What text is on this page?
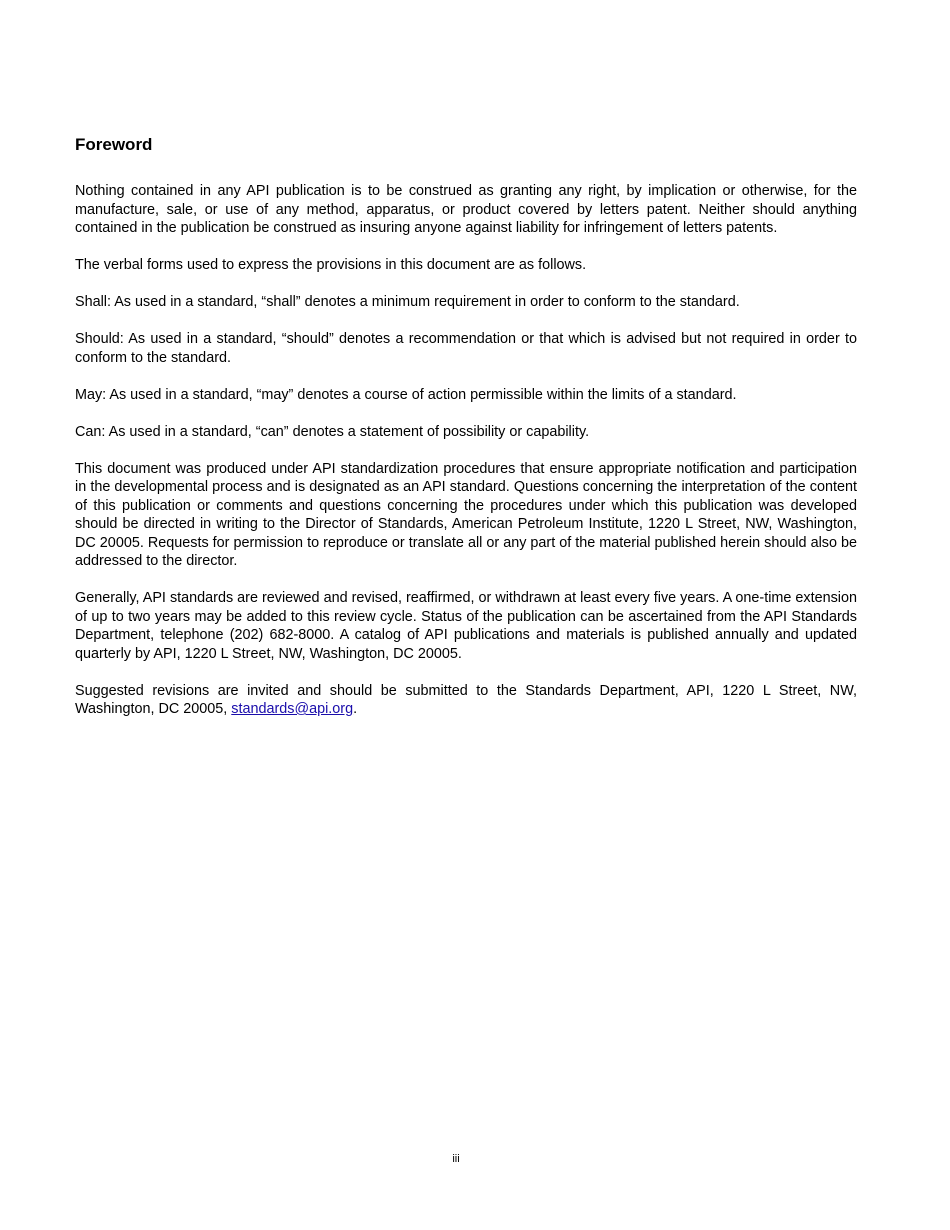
Foreword

Nothing contained in any API publication is to be construed as granting any right, by implication or otherwise, for the manufacture, sale, or use of any method, apparatus, or product covered by letters patent. Neither should anything contained in the publication be construed as insuring anyone against liability for infringement of letters patents.

The verbal forms used to express the provisions in this document are as follows.

Shall: As used in a standard, “shall” denotes a minimum requirement in order to conform to the standard.

Should: As used in a standard, “should” denotes a recommendation or that which is advised but not required in order to conform to the standard.

May: As used in a standard, “may” denotes a course of action permissible within the limits of a standard.

Can: As used in a standard, “can” denotes a statement of possibility or capability.

This document was produced under API standardization procedures that ensure appropriate notification and participation in the developmental process and is designated as an API standard. Questions concerning the interpretation of the content of this publication or comments and questions concerning the procedures under which this publication was developed should be directed in writing to the Director of Standards, American Petroleum Institute, 1220 L Street, NW, Washington, DC 20005. Requests for permission to reproduce or translate all or any part of the material published herein should also be addressed to the director.

Generally, API standards are reviewed and revised, reaffirmed, or withdrawn at least every five years. A one-time extension of up to two years may be added to this review cycle. Status of the publication can be ascertained from the API Standards Department, telephone (202) 682-8000. A catalog of API publications and materials is published annually and updated quarterly by API, 1220 L Street, NW, Washington, DC 20005.

Suggested revisions are invited and should be submitted to the Standards Department, API, 1220 L Street, NW, Washington, DC 20005, standards@api.org.

iii
